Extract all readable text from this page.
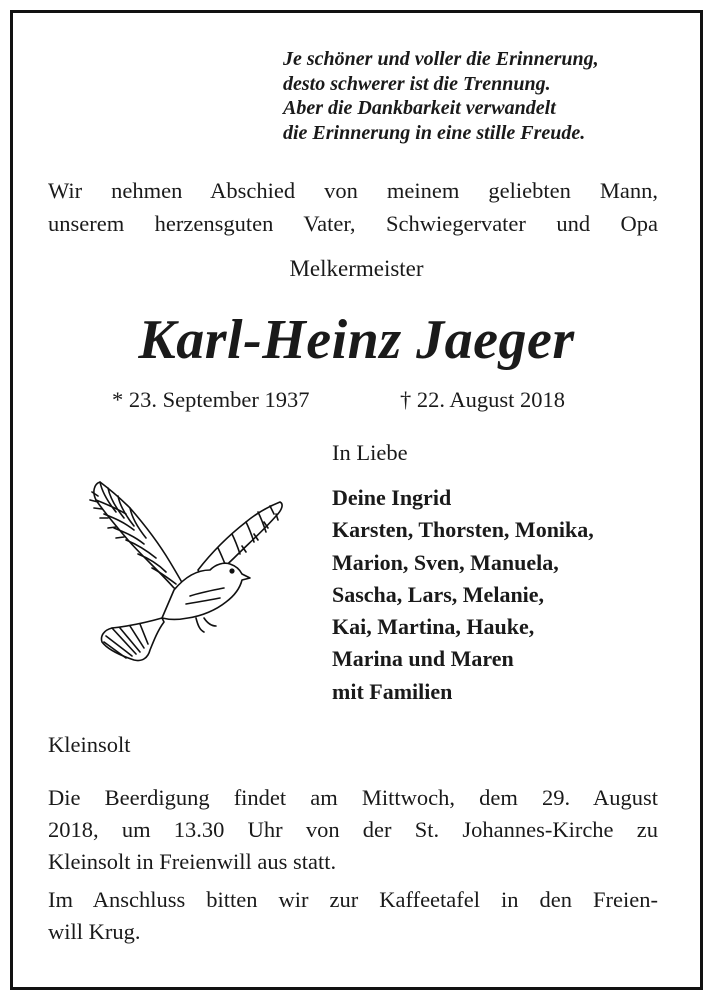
Je schöner und voller die Erinnerung,
desto schwerer ist die Trennung.
Aber die Dankbarkeit verwandelt
die Erinnerung in eine stille Freude.
Wir nehmen Abschied von meinem geliebten Mann,
unserem herzensguten Vater, Schwiegervater und Opa
Melkermeister
Karl-Heinz Jaeger
* 23. September 1937	† 22. August 2018
In Liebe
Deine Ingrid
Karsten, Thorsten, Monika,
Marion, Sven, Manuela,
Sascha, Lars, Melanie,
Kai, Martina, Hauke,
Marina und Maren
mit Familien
Kleinsolt
Die Beerdigung findet am Mittwoch, dem 29. August
2018, um 13.30 Uhr von der St. Johannes-Kirche zu
Kleinsolt in Freienwill aus statt.
Im Anschluss bitten wir zur Kaffeetafel in den Freien-
will Krug.
